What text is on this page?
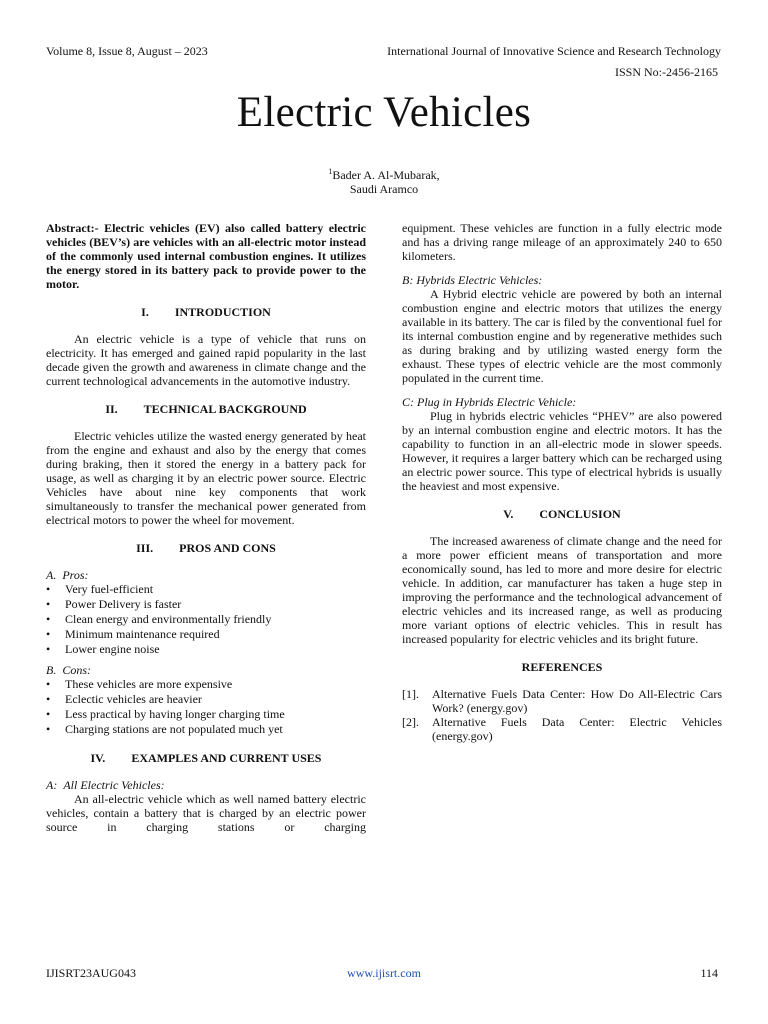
Volume 8, Issue 8, August – 2023	International Journal of Innovative Science and Research Technology
ISSN No:-2456-2165
Electric Vehicles
$^1$Bader A. Al-Mubarak,
Saudi Aramco

Abstract:- Electric vehicles (EV) also called battery electric vehicles (BEV’s) are vehicles with an all-electric motor instead of the commonly used internal combustion engines. It utilizes the energy stored in its battery pack to provide power to the motor.

I. INTRODUCTION

An electric vehicle is a type of vehicle that runs on electricity. It has emerged and gained rapid popularity in the last decade given the growth and awareness in climate change and the current technological advancements in the automotive industry.

II. TECHNICAL BACKGROUND

Electric vehicles utilize the wasted energy generated by heat from the engine and exhaust and also by the energy that comes during braking, then it stored the energy in a battery pack for usage, as well as charging it by an electric power source. Electric Vehicles have about nine key components that work simultaneously to transfer the mechanical power generated from electrical motors to power the wheel for movement.

III. PROS AND CONS
A.  Pros:
• Very fuel-efficient
• Power Delivery is faster
• Clean energy and environmentally friendly
• Minimum maintenance required
• Lower engine noise
B.  Cons:
• These vehicles are more expensive
• Eclectic vehicles are heavier
• Less practical by having longer charging time
• Charging stations are not populated much yet
IV. EXAMPLES AND CURRENT USES
A:  All Electric Vehicles:

An all-electric vehicle which as well named battery electric vehicles, contain a battery that is charged by an electric power source in charging stations or charging

equipment. These vehicles are function in a fully electric mode and has a driving range mileage of an approximately 240 to 650 kilometers.

B: Hybrids Electric Vehicles:

A Hybrid electric vehicle are powered by both an internal combustion engine and electric motors that utilizes the energy available in its battery. The car is filed by the conventional fuel for its internal combustion engine and by regenerative methides such as during braking and by utilizing wasted energy form the exhaust. These types of electric vehicle are the most commonly populated in the current time.

C: Plug in Hybrids Electric Vehicle:

Plug in hybrids electric vehicles “PHEV” are also powered by an internal combustion engine and electric motors. It has the capability to function in an all-electric mode in slower speeds. However, it requires a larger battery which can be recharged using an electric power source. This type of electrical hybrids is usually the heaviest and most expensive.

V. CONCLUSION

The increased awareness of climate change and the need for a more power efficient means of transportation and more economically sound, has led to more and more desire for electric vehicle. In addition, car manufacturer has taken a huge step in improving the performance and the technological advancement of electric vehicles and its increased range, as well as producing more variant options of electric vehicles. This in result has increased popularity for electric vehicles and its bright future.

REFERENCES
[1].	Alternative Fuels Data Center: How Do All-Electric Cars Work? (energy.gov)
[2].	Alternative Fuels Data Center: Electric Vehicles (energy.gov)
IJISRT23AUG043	www.ijisrt.com	114
